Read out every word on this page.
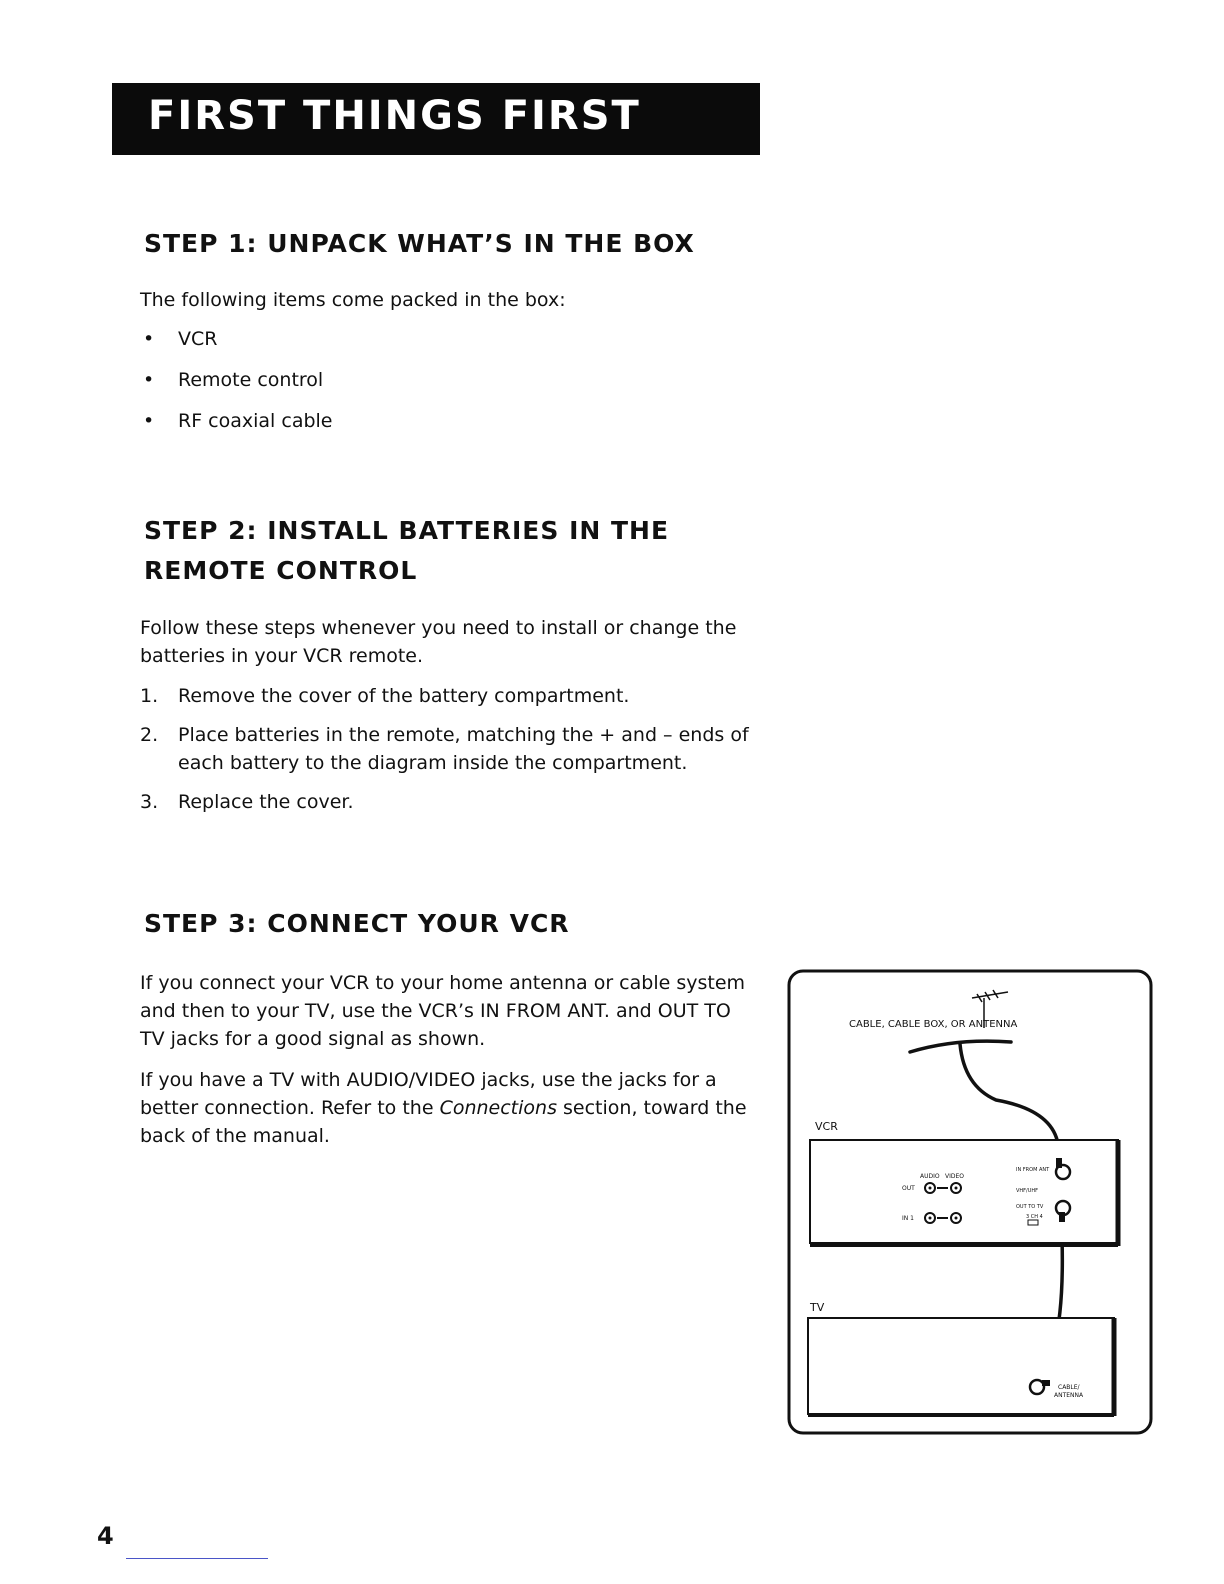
FIRST THINGS FIRST
STEP 1: UNPACK WHAT’S IN THE BOX

The following items come packed in the box:

• VCR
• Remote control
• RF coaxial cable
STEP 2: INSTALL BATTERIES IN THE
REMOTE CONTROL

Follow these steps whenever you need to install or change the batteries in your VCR remote.

1. Remove the cover of the battery compartment.
2. Place batteries in the remote, matching the + and – ends of each battery to the diagram inside the compartment.
3. Replace the cover.
STEP 3: CONNECT YOUR VCR

If you connect your VCR to your home antenna or cable system and then to your TV, use the VCR’s IN FROM ANT. and OUT TO TV jacks for a good signal as shown.

If you have a TV with AUDIO/VIDEO jacks, use the jacks for a better connection. Refer to the Connections section, toward the back of the manual.

CABLE, CABLE BOX, OR ANTENNA
VCR
AUDIO VIDEO
OUT
IN 1
IN FROM ANT
VHF/UHF
OUT TO TV
3 CH 4
TV
CABLE/
ANTENNA
4
